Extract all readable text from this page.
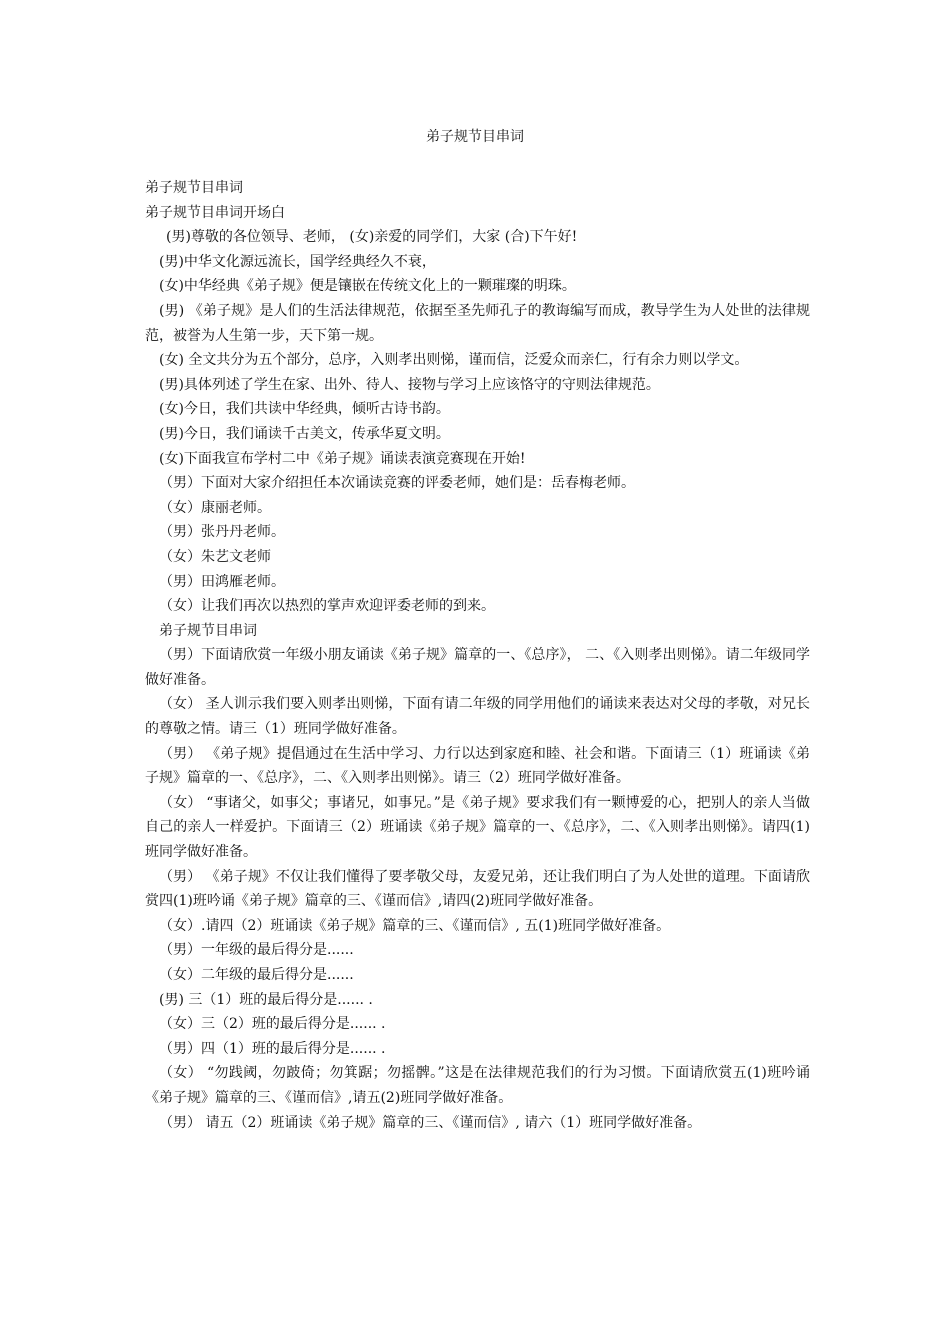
弟子规节目串词

弟子规节目串词

弟子规节目串词开场白

(男)尊敬的各位领导、老师， (女)亲爱的同学们，大家 (合)下午好!

(男)中华文化源远流长，国学经典经久不衰，

(女)中华经典《弟子规》便是镶嵌在传统文化上的一颗璀璨的明珠。

(男) 《弟子规》是人们的生活法律规范，依据至圣先师孔子的教诲编写而成，教导学生为人处世的法律规范，被誉为人生第一步，天下第一规。

(女) 全文共分为五个部分，总序，入则孝出则悌，谨而信，泛爱众而亲仁，行有余力则以学文。

(男)具体列述了学生在家、出外、待人、接物与学习上应该恪守的守则法律规范。

(女)今日，我们共读中华经典，倾听古诗书韵。

(男)今日，我们诵读千古美文，传承华夏文明。

(女)下面我宣布学村二中《弟子规》诵读表演竞赛现在开始!

（男）下面对大家介绍担任本次诵读竞赛的评委老师，她们是：岳春梅老师。

（女）康丽老师。

（男）张丹丹老师。

（女）朱艺文老师

（男）田鸿雁老师。

（女）让我们再次以热烈的掌声欢迎评委老师的到来。

弟子规节目串词

（男）下面请欣赏一年级小朋友诵读《弟子规》篇章的一、《总序》， 二、《入则孝出则悌》。请二年级同学做好准备。

（女） 圣人训示我们要入则孝出则悌，下面有请二年级的同学用他们的诵读来表达对父母的孝敬，对兄长的尊敬之情。请三（1）班同学做好准备。

（男） 《弟子规》提倡通过在生活中学习、力行以达到家庭和睦、社会和谐。下面请三（1）班诵读《弟子规》篇章的一、《总序》，二、《入则孝出则悌》。请三（2）班同学做好准备。

（女） “事诸父，如事父；事诸兄，如事兄。”是《弟子规》要求我们有一颗博爱的心，把别人的亲人当做自己的亲人一样爱护。下面请三（2）班诵读《弟子规》篇章的一、《总序》，二、《入则孝出则悌》。请四(1)班同学做好准备。

（男） 《弟子规》不仅让我们懂得了要孝敬父母，友爱兄弟，还让我们明白了为人处世的道理。下面请欣赏四(1)班吟诵《弟子规》篇章的三、《谨而信》,请四(2)班同学做好准备。

（女）.请四（2）班诵读《弟子规》篇章的三、《谨而信》, 五(1)班同学做好准备。

（男）一年级的最后得分是......

（女）二年级的最后得分是......

(男) 三（1）班的最后得分是...... .

（女）三（2）班的最后得分是...... .

（男）四（1）班的最后得分是...... .

（女） “勿践阈，勿跛倚；勿箕踞；勿摇髀。”这是在法律规范我们的行为习惯。下面请欣赏五(1)班吟诵《弟子规》篇章的三、《谨而信》,请五(2)班同学做好准备。

（男） 请五（2）班诵读《弟子规》篇章的三、《谨而信》, 请六（1）班同学做好准备。
